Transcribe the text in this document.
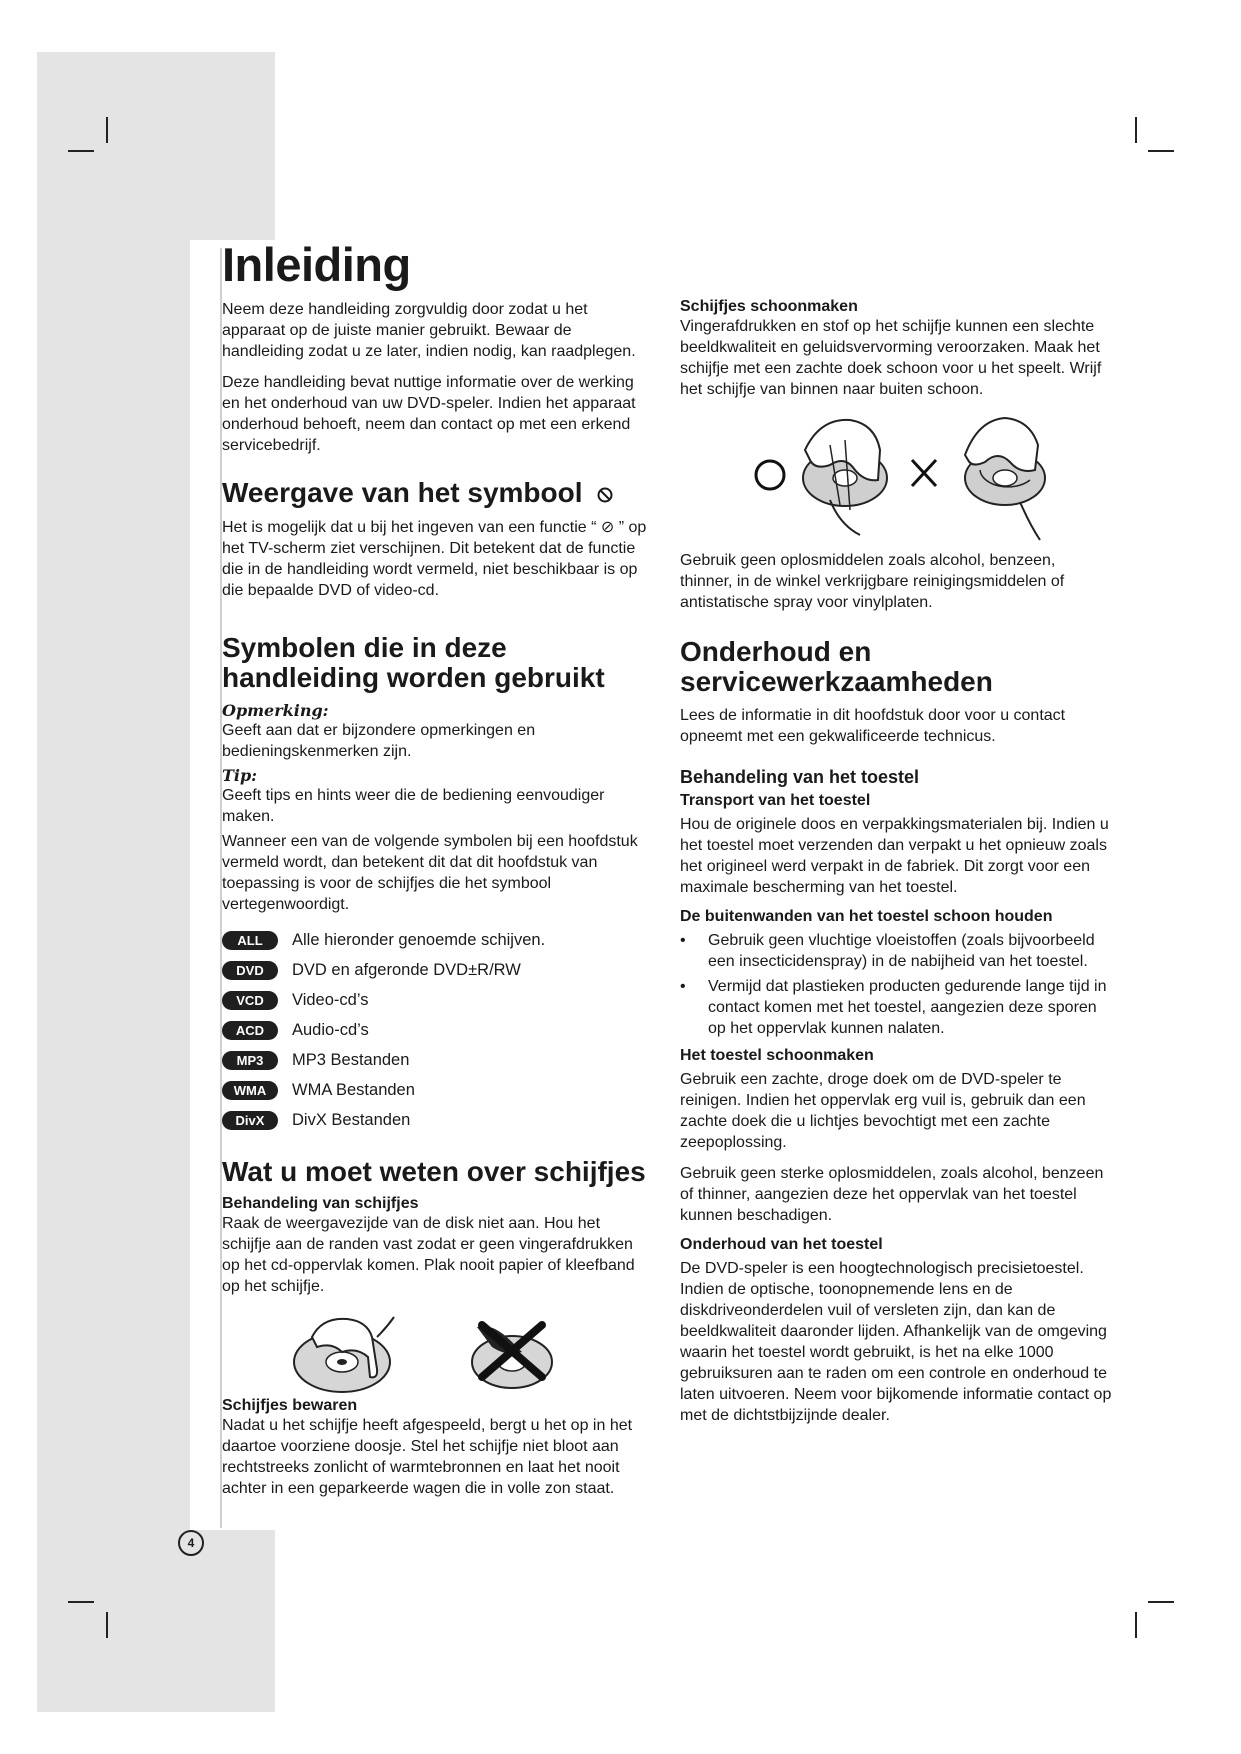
Inleiding

Neem deze handleiding zorgvuldig door zodat u het apparaat op de juiste manier gebruikt. Bewaar de handleiding zodat u ze later, indien nodig, kan raadplegen.

Deze handleiding bevat nuttige informatie over de werking en het onderhoud van uw DVD-speler. Indien het apparaat onderhoud behoeft, neem dan contact op met een erkend servicebedrijf.

Weergave van het symbool

Het is mogelijk dat u bij het ingeven van een functie “ ⊘ ” op het TV-scherm ziet verschijnen. Dit betekent dat de functie die in de handleiding wordt vermeld, niet beschikbaar is op die bepaalde DVD of video-cd.

Symbolen die in deze handleiding worden gebruikt
Opmerking:

Geeft aan dat er bijzondere opmerkingen en bedieningskenmerken zijn.

Tip:

Geeft tips en hints weer die de bediening eenvoudiger maken.

Wanneer een van de volgende symbolen bij een hoofdstuk vermeld wordt, dan betekent dit dat dit hoofdstuk van toepassing is voor de schijfjes die het symbool vertegenwoordigt.

ALL	Alle hieronder genoemde schijven.
DVD	DVD en afgeronde DVD±R/RW
VCD	Video-cd’s
ACD	Audio-cd’s
MP3	MP3 Bestanden
WMA	WMA Bestanden
DivX	DivX Bestanden
Wat u moet weten over schijfjes
Behandeling van schijfjes

Raak de weergavezijde van de disk niet aan. Hou het schijfje aan de randen vast zodat er geen vingerafdrukken op het cd-oppervlak komen. Plak nooit papier of kleefband op het schijfje.

Schijfjes bewaren

Nadat u het schijfje heeft afgespeeld, bergt u het op in het daartoe voorziene doosje. Stel het schijfje niet bloot aan rechtstreeks zonlicht of warmtebronnen en laat het nooit achter in een geparkeerde wagen die in volle zon staat.

Schijfjes schoonmaken

Vingerafdrukken en stof op het schijfje kunnen een slechte beeldkwaliteit en geluidsvervorming veroorzaken. Maak het schijfje met een zachte doek schoon voor u het speelt. Wrijf het schijfje van binnen naar buiten schoon.

Gebruik geen oplosmiddelen zoals alcohol, benzeen, thinner, in de winkel verkrijgbare reinigingsmiddelen of antistatische spray voor vinylplaten.

Onderhoud en servicewerkzaamheden

Lees de informatie in dit hoofdstuk door voor u contact opneemt met een gekwalificeerde technicus.

Behandeling van het toestel
Transport van het toestel

Hou de originele doos en verpakkingsmaterialen bij. Indien u het toestel moet verzenden dan verpakt u het opnieuw zoals het origineel werd verpakt in de fabriek. Dit zorgt voor een maximale bescherming van het toestel.

De buitenwanden van het toestel schoon houden
• Gebruik geen vluchtige vloeistoffen (zoals bijvoorbeeld een insecticidenspray) in de nabijheid van het toestel.
• Vermijd dat plastieken producten gedurende lange tijd in contact komen met het toestel, aangezien deze sporen op het oppervlak kunnen nalaten.
Het toestel schoonmaken

Gebruik een zachte, droge doek om de DVD-speler te reinigen. Indien het oppervlak erg vuil is, gebruik dan een zachte doek die u lichtjes bevochtigt met een zachte zeepoplossing.

Gebruik geen sterke oplosmiddelen, zoals alcohol, benzeen of thinner, aangezien deze het oppervlak van het toestel kunnen beschadigen.

Onderhoud van het toestel

De DVD-speler is een hoogtechnologisch precisietoestel. Indien de optische, toonopnemende lens en de diskdriveonderdelen vuil of versleten zijn, dan kan de beeldkwaliteit daaronder lijden. Afhankelijk van de omgeving waarin het toestel wordt gebruikt, is het na elke 1000 gebruiksuren aan te raden om een controle en onderhoud te laten uitvoeren. Neem voor bijkomende informatie contact op met de dichtstbijzijnde dealer.

4
